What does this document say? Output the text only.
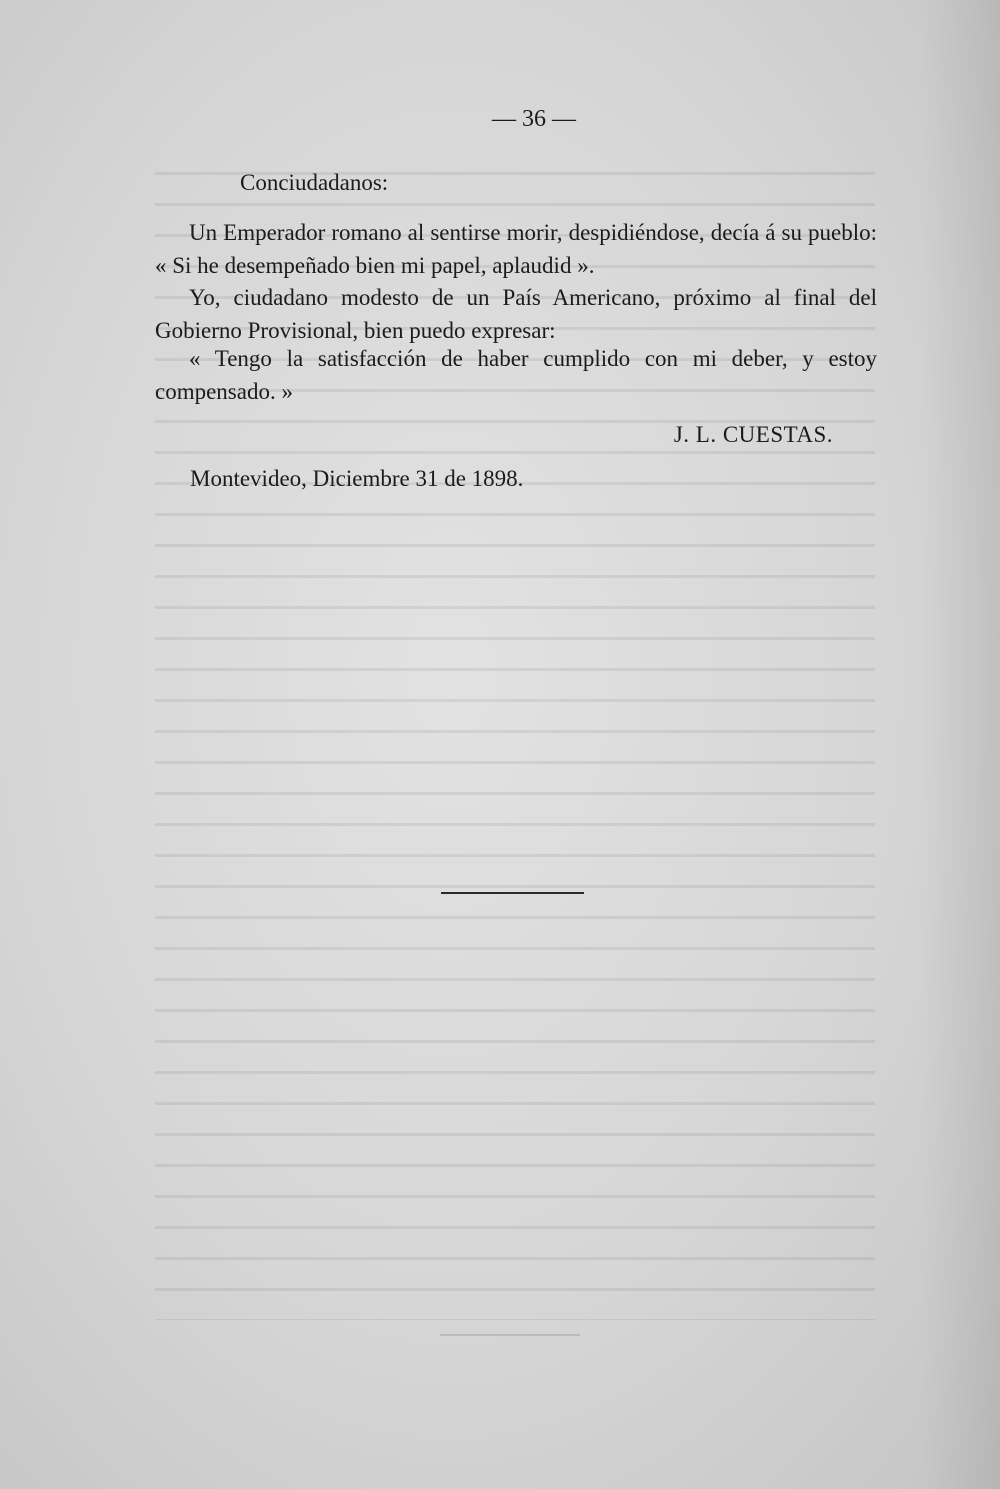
— 36 —
Conciudadanos:

Un Emperador romano al sentirse morir, despidiéndose, decía á su pueblo: « Si he desempeñado bien mi papel, aplaudid ».

Yo, ciudadano modesto de un País Americano, próximo al final del Gobierno Provisional, bien puedo expresar:

« Tengo la satisfacción de haber cumplido con mi deber, y estoy compensado. »

J. L. CUESTAS.
Montevideo, Diciembre 31 de 1898.
